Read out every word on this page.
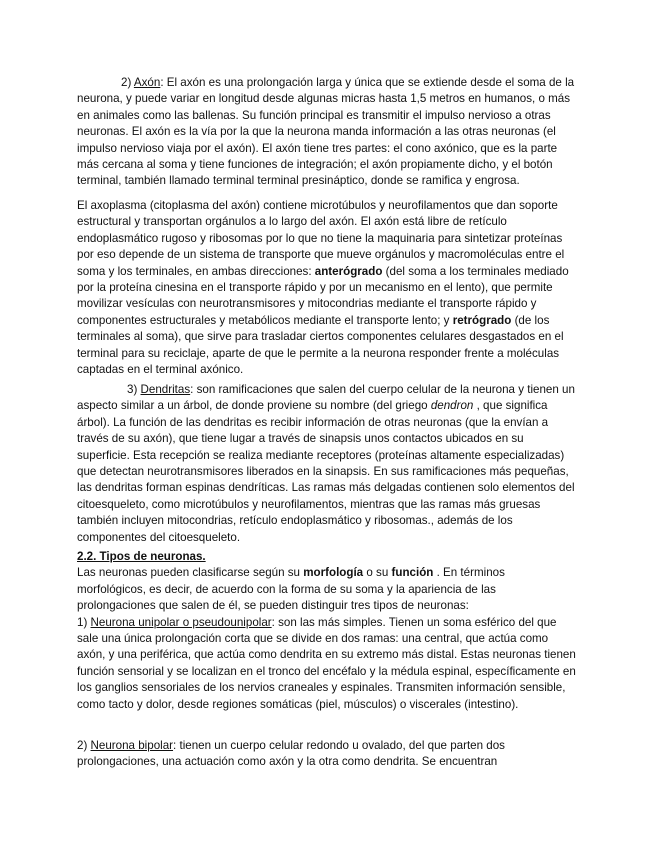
2) Axón: El axón es una prolongación larga y única que se extiende desde el soma de la neurona, y puede variar en longitud desde algunas micras hasta 1,5 metros en humanos, o más en animales como las ballenas. Su función principal es transmitir el impulso nervioso a otras neuronas. El axón es la vía por la que la neurona manda información a las otras neuronas (el impulso nervioso viaja por el axón). El axón tiene tres partes: el cono axónico, que es la parte más cercana al soma y tiene funciones de integración; el axón propiamente dicho, y el botón terminal, también llamado terminal terminal presináptico, donde se ramifica y engrosa.

El axoplasma (citoplasma del axón) contiene microtúbulos y neurofilamentos que dan soporte estructural y transportan orgánulos a lo largo del axón. El axón está libre de retículo endoplasmático rugoso y ribosomas por lo que no tiene la maquinaria para sintetizar proteínas por eso depende de un sistema de transporte que mueve orgánulos y macromoléculas entre el soma y los terminales, en ambas direcciones: anterógrado (del soma a los terminales mediado por la proteína cinesina en el transporte rápido y por un mecanismo en el lento), que permite movilizar vesículas con neurotransmisores y mitocondrias mediante el transporte rápido y componentes estructurales y metabólicos mediante el transporte lento; y retrógrado (de los terminales al soma), que sirve para trasladar ciertos componentes celulares desgastados en el terminal para su reciclaje, aparte de que le permite a la neurona responder frente a moléculas captadas en el terminal axónico.

3) Dendritas: son ramificaciones que salen del cuerpo celular de la neurona y tienen un aspecto similar a un árbol, de donde proviene su nombre (del griego dendron , que significa árbol). La función de las dendritas es recibir información de otras neuronas (que la envían a través de su axón), que tiene lugar a través de sinapsis unos contactos ubicados en su superficie. Esta recepción se realiza mediante receptores (proteínas altamente especializadas) que detectan neurotransmisores liberados en la sinapsis. En sus ramificaciones más pequeñas, las dendritas forman espinas dendríticas. Las ramas más delgadas contienen solo elementos del citoesqueleto, como microtúbulos y neurofilamentos, mientras que las ramas más gruesas también incluyen mitocondrias, retículo endoplasmático y ribosomas., además de los componentes del citoesqueleto.

2.2. Tipos de neuronas.
Las neuronas pueden clasificarse según su morfología o su función . En términos morfológicos, es decir, de acuerdo con la forma de su soma y la apariencia de las prolongaciones que salen de él, se pueden distinguir tres tipos de neuronas:
1) Neurona unipolar o pseudounipolar: son las más simples. Tienen un soma esférico del que sale una única prolongación corta que se divide en dos ramas: una central, que actúa como axón, y una periférica, que actúa como dendrita en su extremo más distal. Estas neuronas tienen función sensorial y se localizan en el tronco del encéfalo y la médula espinal, específicamente en los ganglios sensoriales de los nervios craneales y espinales. Transmiten información sensible, como tacto y dolor, desde regiones somáticas (piel, músculos) o viscerales (intestino).

2) Neurona bipolar: tienen un cuerpo celular redondo u ovalado, del que parten dos prolongaciones, una actuación como axón y la otra como dendrita. Se encuentran
